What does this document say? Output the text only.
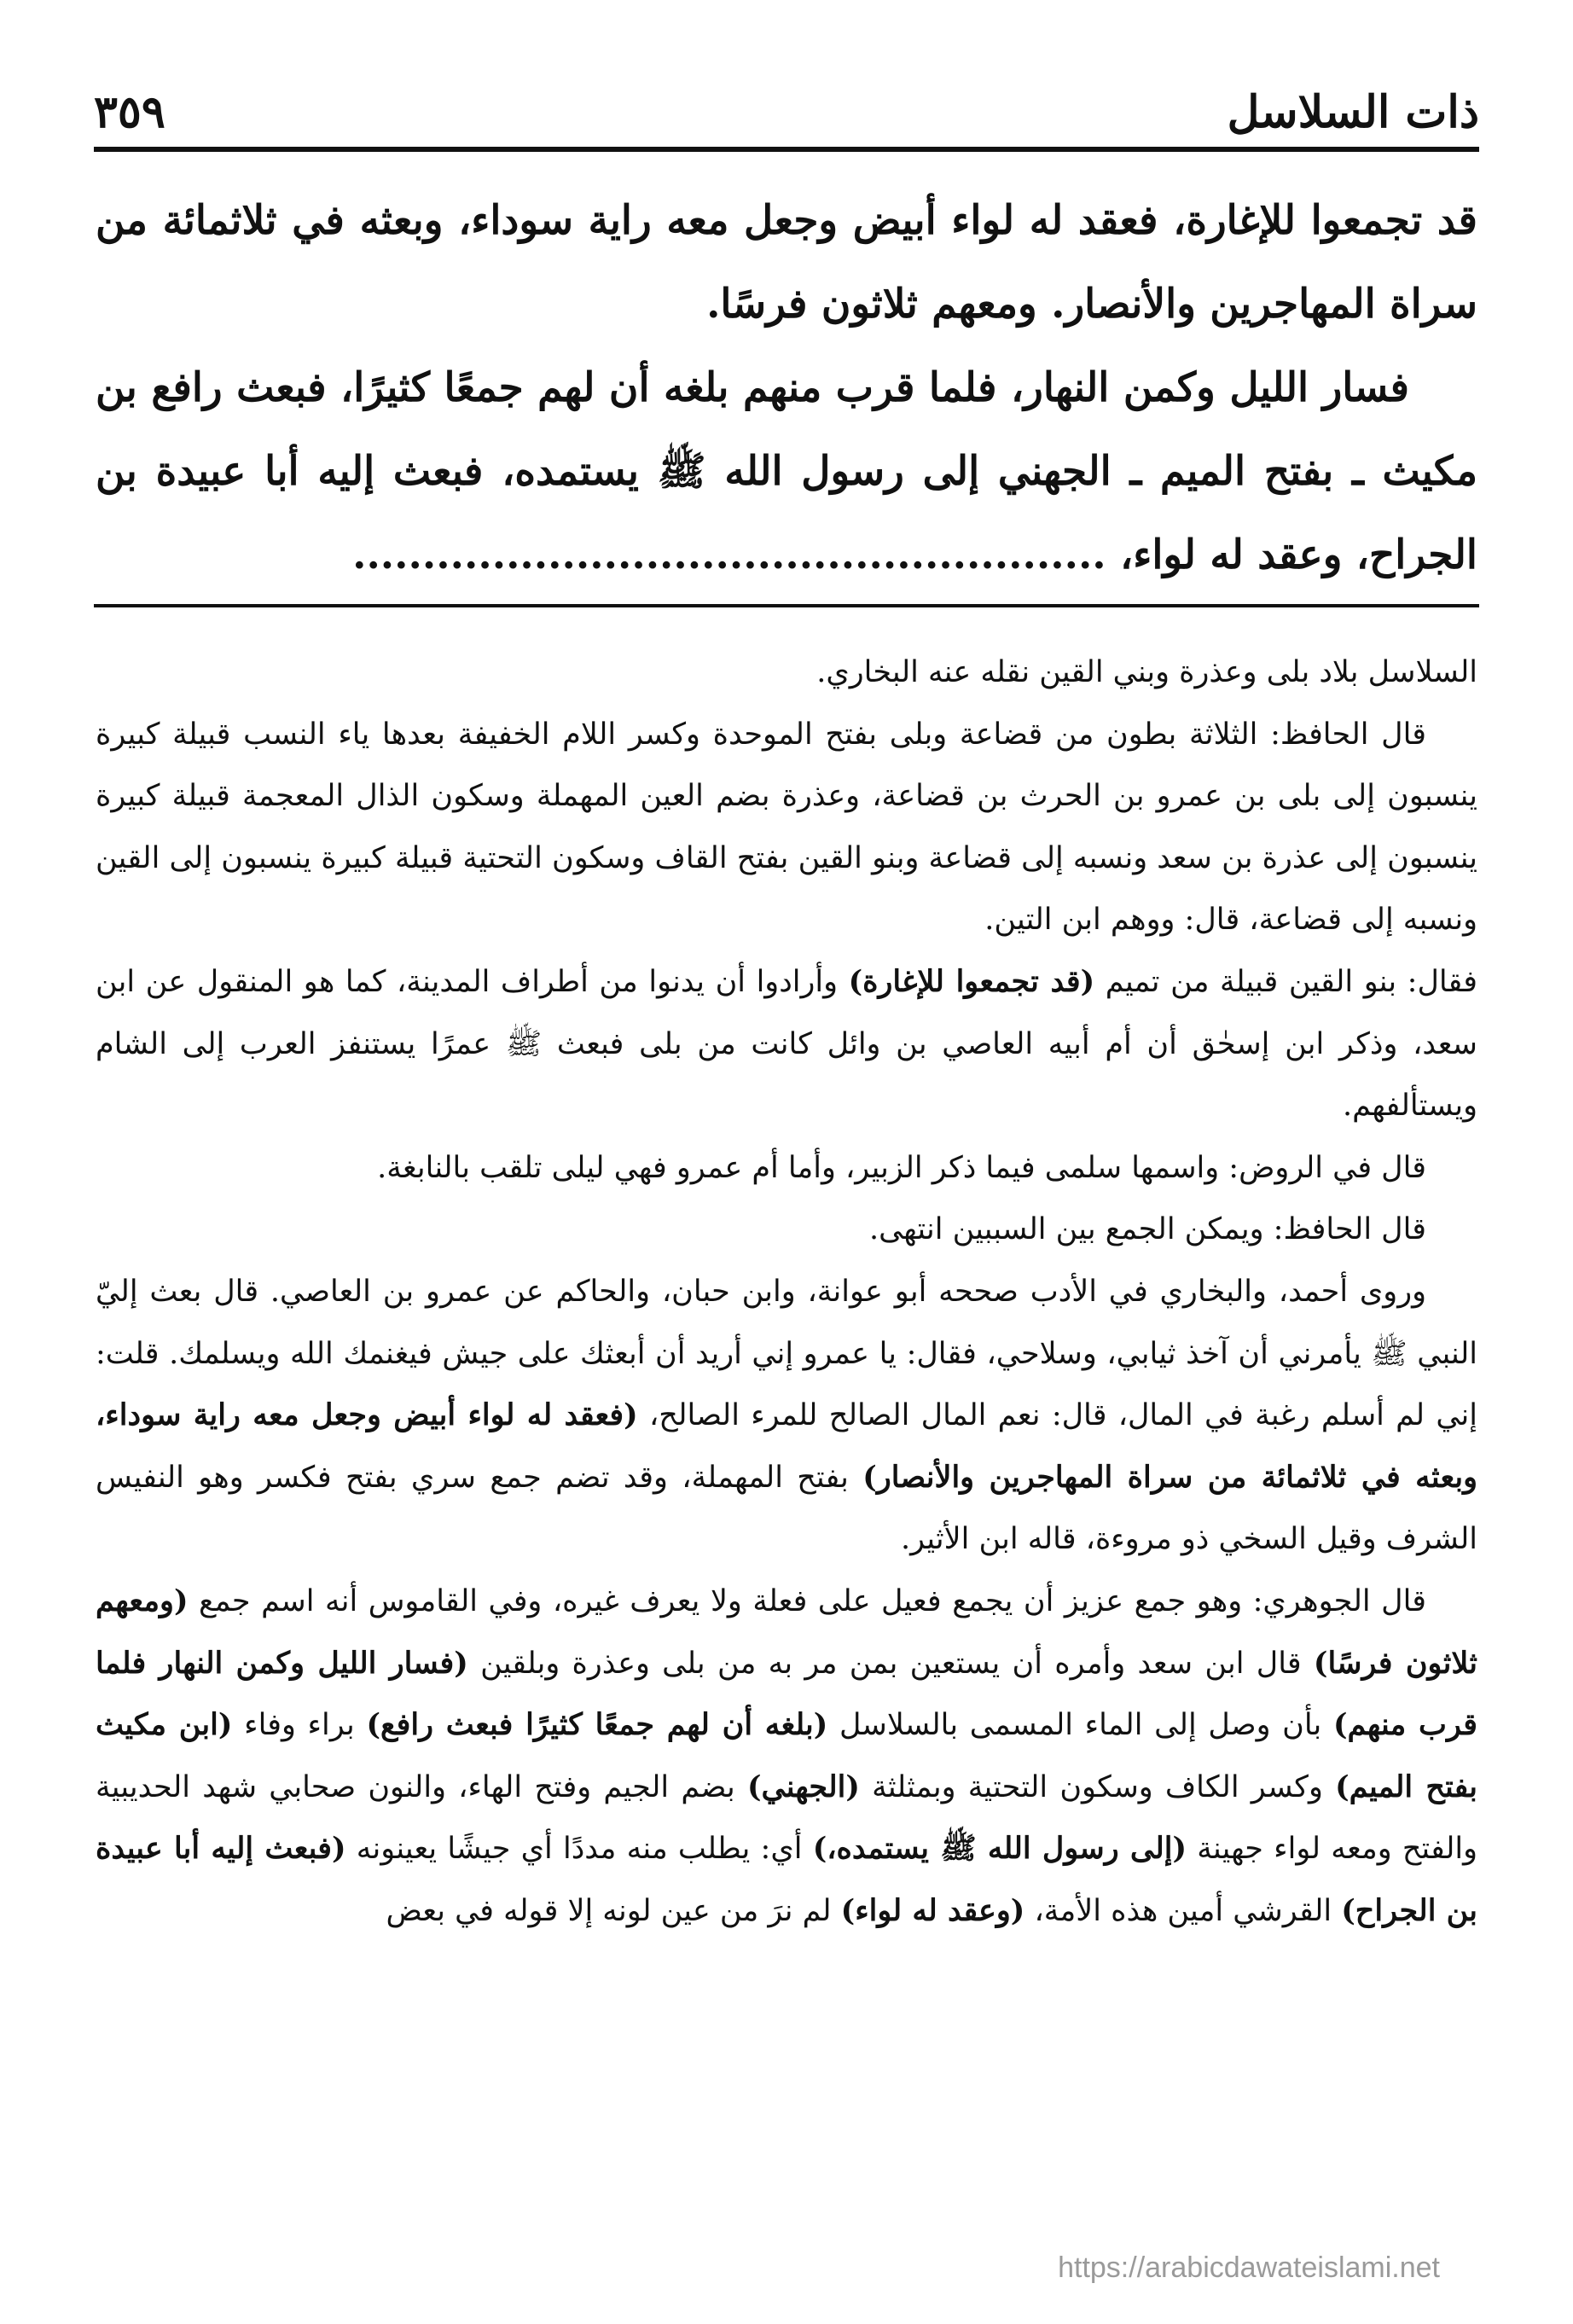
ذات السلاسل
٣٥٩

قد تجمعوا للإغارة، فعقد له لواء أبيض وجعل معه راية سوداء، وبعثه في ثلاثمائة من سراة المهاجرين والأنصار. ومعهم ثلاثون فرسًا.

فسار الليل وكمن النهار، فلما قرب منهم بلغه أن لهم جمعًا كثيرًا، فبعث رافع بن مكيث ـ بفتح الميم ـ الجهني إلى رسول الله ﷺ يستمده، فبعث إليه أبا عبيدة بن الجراح، وعقد له لواء، ......................................................

السلاسل بلاد بلى وعذرة وبني القين نقله عنه البخاري.

قال الحافظ: الثلاثة بطون من قضاعة وبلى بفتح الموحدة وكسر اللام الخفيفة بعدها ياء النسب قبيلة كبيرة ينسبون إلى بلى بن عمرو بن الحرث بن قضاعة، وعذرة بضم العين المهملة وسكون الذال المعجمة قبيلة كبيرة ينسبون إلى عذرة بن سعد ونسبه إلى قضاعة وبنو القين بفتح القاف وسكون التحتية قبيلة كبيرة ينسبون إلى القين ونسبه إلى قضاعة، قال: ووهم ابن التين.

فقال: بنو القين قبيلة من تميم (قد تجمعوا للإغارة) وأرادوا أن يدنوا من أطراف المدينة، كما هو المنقول عن ابن سعد، وذكر ابن إسحٰق أن أم أبيه العاصي بن وائل كانت من بلى فبعث ﷺ عمرًا يستنفز العرب إلى الشام ويستألفهم.

قال في الروض: واسمها سلمى فيما ذكر الزبير، وأما أم عمرو فهي ليلى تلقب بالنابغة.

قال الحافظ: ويمكن الجمع بين السببين انتهى.

وروى أحمد، والبخاري في الأدب صححه أبو عوانة، وابن حبان، والحاكم عن عمرو بن العاصي. قال بعث إليّ النبي ﷺ يأمرني أن آخذ ثيابي، وسلاحي، فقال: يا عمرو إني أريد أن أبعثك على جيش فيغنمك الله ويسلمك. قلت: إني لم أسلم رغبة في المال، قال: نعم المال الصالح للمرء الصالح، (فعقد له لواء أبيض وجعل معه راية سوداء، وبعثه في ثلاثمائة من سراة المهاجرين والأنصار) بفتح المهملة، وقد تضم جمع سري بفتح فكسر وهو النفيس الشرف وقيل السخي ذو مروءة، قاله ابن الأثير.

قال الجوهري: وهو جمع عزيز أن يجمع فعيل على فعلة ولا يعرف غيره، وفي القاموس أنه اسم جمع (ومعهم ثلاثون فرسًا) قال ابن سعد وأمره أن يستعين بمن مر به من بلى وعذرة وبلقين (فسار الليل وكمن النهار فلما قرب منهم) بأن وصل إلى الماء المسمى بالسلاسل (بلغه أن لهم جمعًا كثيرًا فبعث رافع) براء وفاء (ابن مكيث بفتح الميم) وكسر الكاف وسكون التحتية وبمثلثة (الجهني) بضم الجيم وفتح الهاء، والنون صحابي شهد الحديبية والفتح ومعه لواء جهينة (إلى رسول الله ﷺ يستمده،) أي: يطلب منه مددًا أي جيشًا يعينونه (فبعث إليه أبا عبيدة بن الجراح) القرشي أمين هذه الأمة، (وعقد له لواء) لم نرَ من عين لونه إلا قوله في بعض

https://arabicdawateislami.net
